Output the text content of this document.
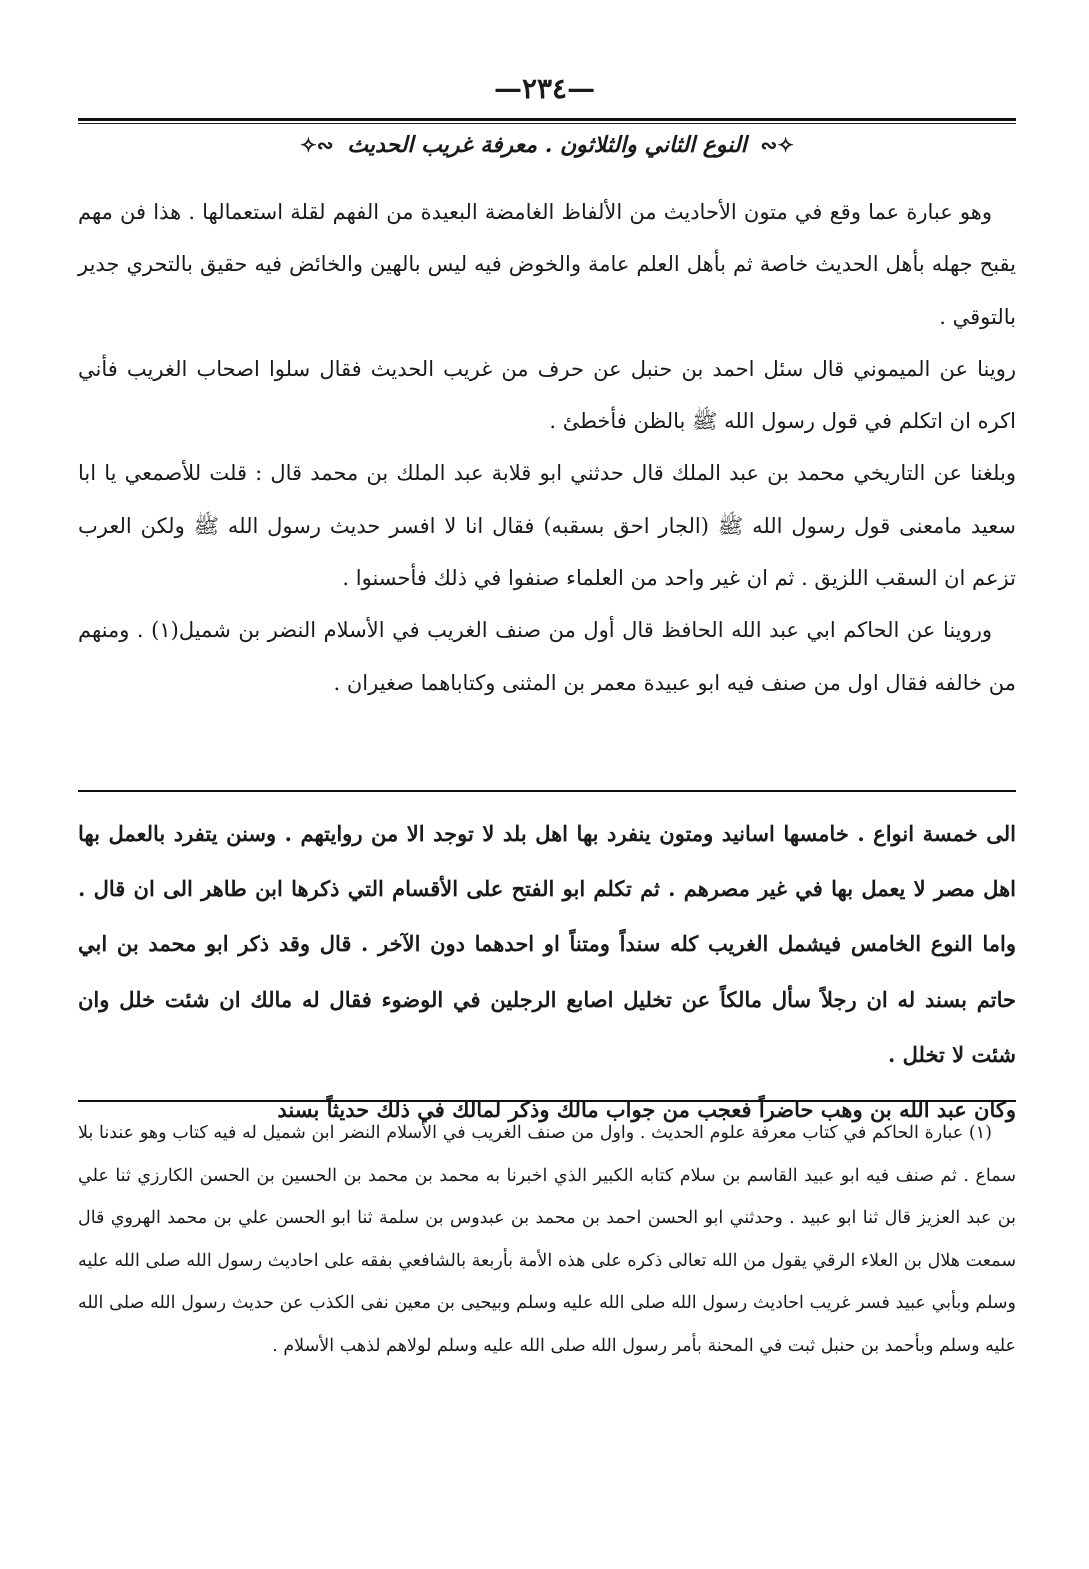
—٢٣٤—
✧∾ النوع الثاني والثلاثون . معرفة غريب الحديث ∾✧

وهو عبارة عما وقع في متون الأحاديث من الألفاظ الغامضة البعيدة من الفهم لقلة استعمالها . هذا فن مهم يقبح جهله بأهل الحديث خاصة ثم بأهل العلم عامة والخوض فيه ليس بالهين والخائض فيه حقيق بالتحري جدير بالتوقي .

روينا عن الميموني قال سئل احمد بن حنبل عن حرف من غريب الحديث فقال سلوا اصحاب الغريب فأني اكره ان اتكلم في قول رسول الله ﷺ بالظن فأخطئ .

وبلغنا عن التاريخي محمد بن عبد الملك قال حدثني ابو قلابة عبد الملك بن محمد قال : قلت للأصمعي يا ابا سعيد مامعنى قول رسول الله ﷺ (الجار احق بسقبه) فقال انا لا افسر حديث رسول الله ﷺ ولكن العرب تزعم ان السقب اللزيق . ثم ان غير واحد من العلماء صنفوا في ذلك فأحسنوا .

وروينا عن الحاكم ابي عبد الله الحافظ قال أول من صنف الغريب في الأسلام النضر بن شميل(١) . ومنهم من خالفه فقال اول من صنف فيه ابو عبيدة معمر بن المثنى وكتاباهما صغيران .

الى خمسة انواع . خامسها اسانيد ومتون ينفرد بها اهل بلد لا توجد الا من روايتهم . وسنن يتفرد بالعمل بها اهل مصر لا يعمل بها في غير مصرهم . ثم تكلم ابو الفتح على الأقسام التي ذكرها ابن طاهر الى ان قال . واما النوع الخامس فيشمل الغريب كله سنداً ومتناً او احدهما دون الآخر . قال وقد ذكر ابو محمد بن ابي حاتم بسند له ان رجلاً سأل مالكاً عن تخليل اصابع الرجلين في الوضوء فقال له مالك ان شئت خلل وان شئت لا تخلل .

وكان عبد الله بن وهب حاضراً فعجب من جواب مالك وذكر لمالك في ذلك حديثاً بسند

(١) عبارة الحاكم في كتاب معرفة علوم الحديث . واول من صنف الغريب في الأسلام النضر ابن شميل له فيه كتاب وهو عندنا بلا سماع . ثم صنف فيه ابو عبيد القاسم بن سلام كتابه الكبير الذي اخبرنا به محمد بن محمد بن الحسين بن الحسن الكارزي ثنا علي بن عبد العزيز قال ثنا ابو عبيد . وحدثني ابو الحسن احمد بن محمد بن عبدوس بن سلمة ثنا ابو الحسن علي بن محمد الهروي قال سمعت هلال بن العلاء الرقي يقول من الله تعالى ذكره على هذه الأمة بأربعة بالشافعي بفقه على احاديث رسول الله صلى الله عليه وسلم وبأبي عبيد فسر غريب احاديث رسول الله صلى الله عليه وسلم وبيحيى بن معين نفى الكذب عن حديث رسول الله صلى الله عليه وسلم وبأحمد بن حنبل ثبت في المحنة بأمر رسول الله صلى الله عليه وسلم لولاهم لذهب الأسلام .
